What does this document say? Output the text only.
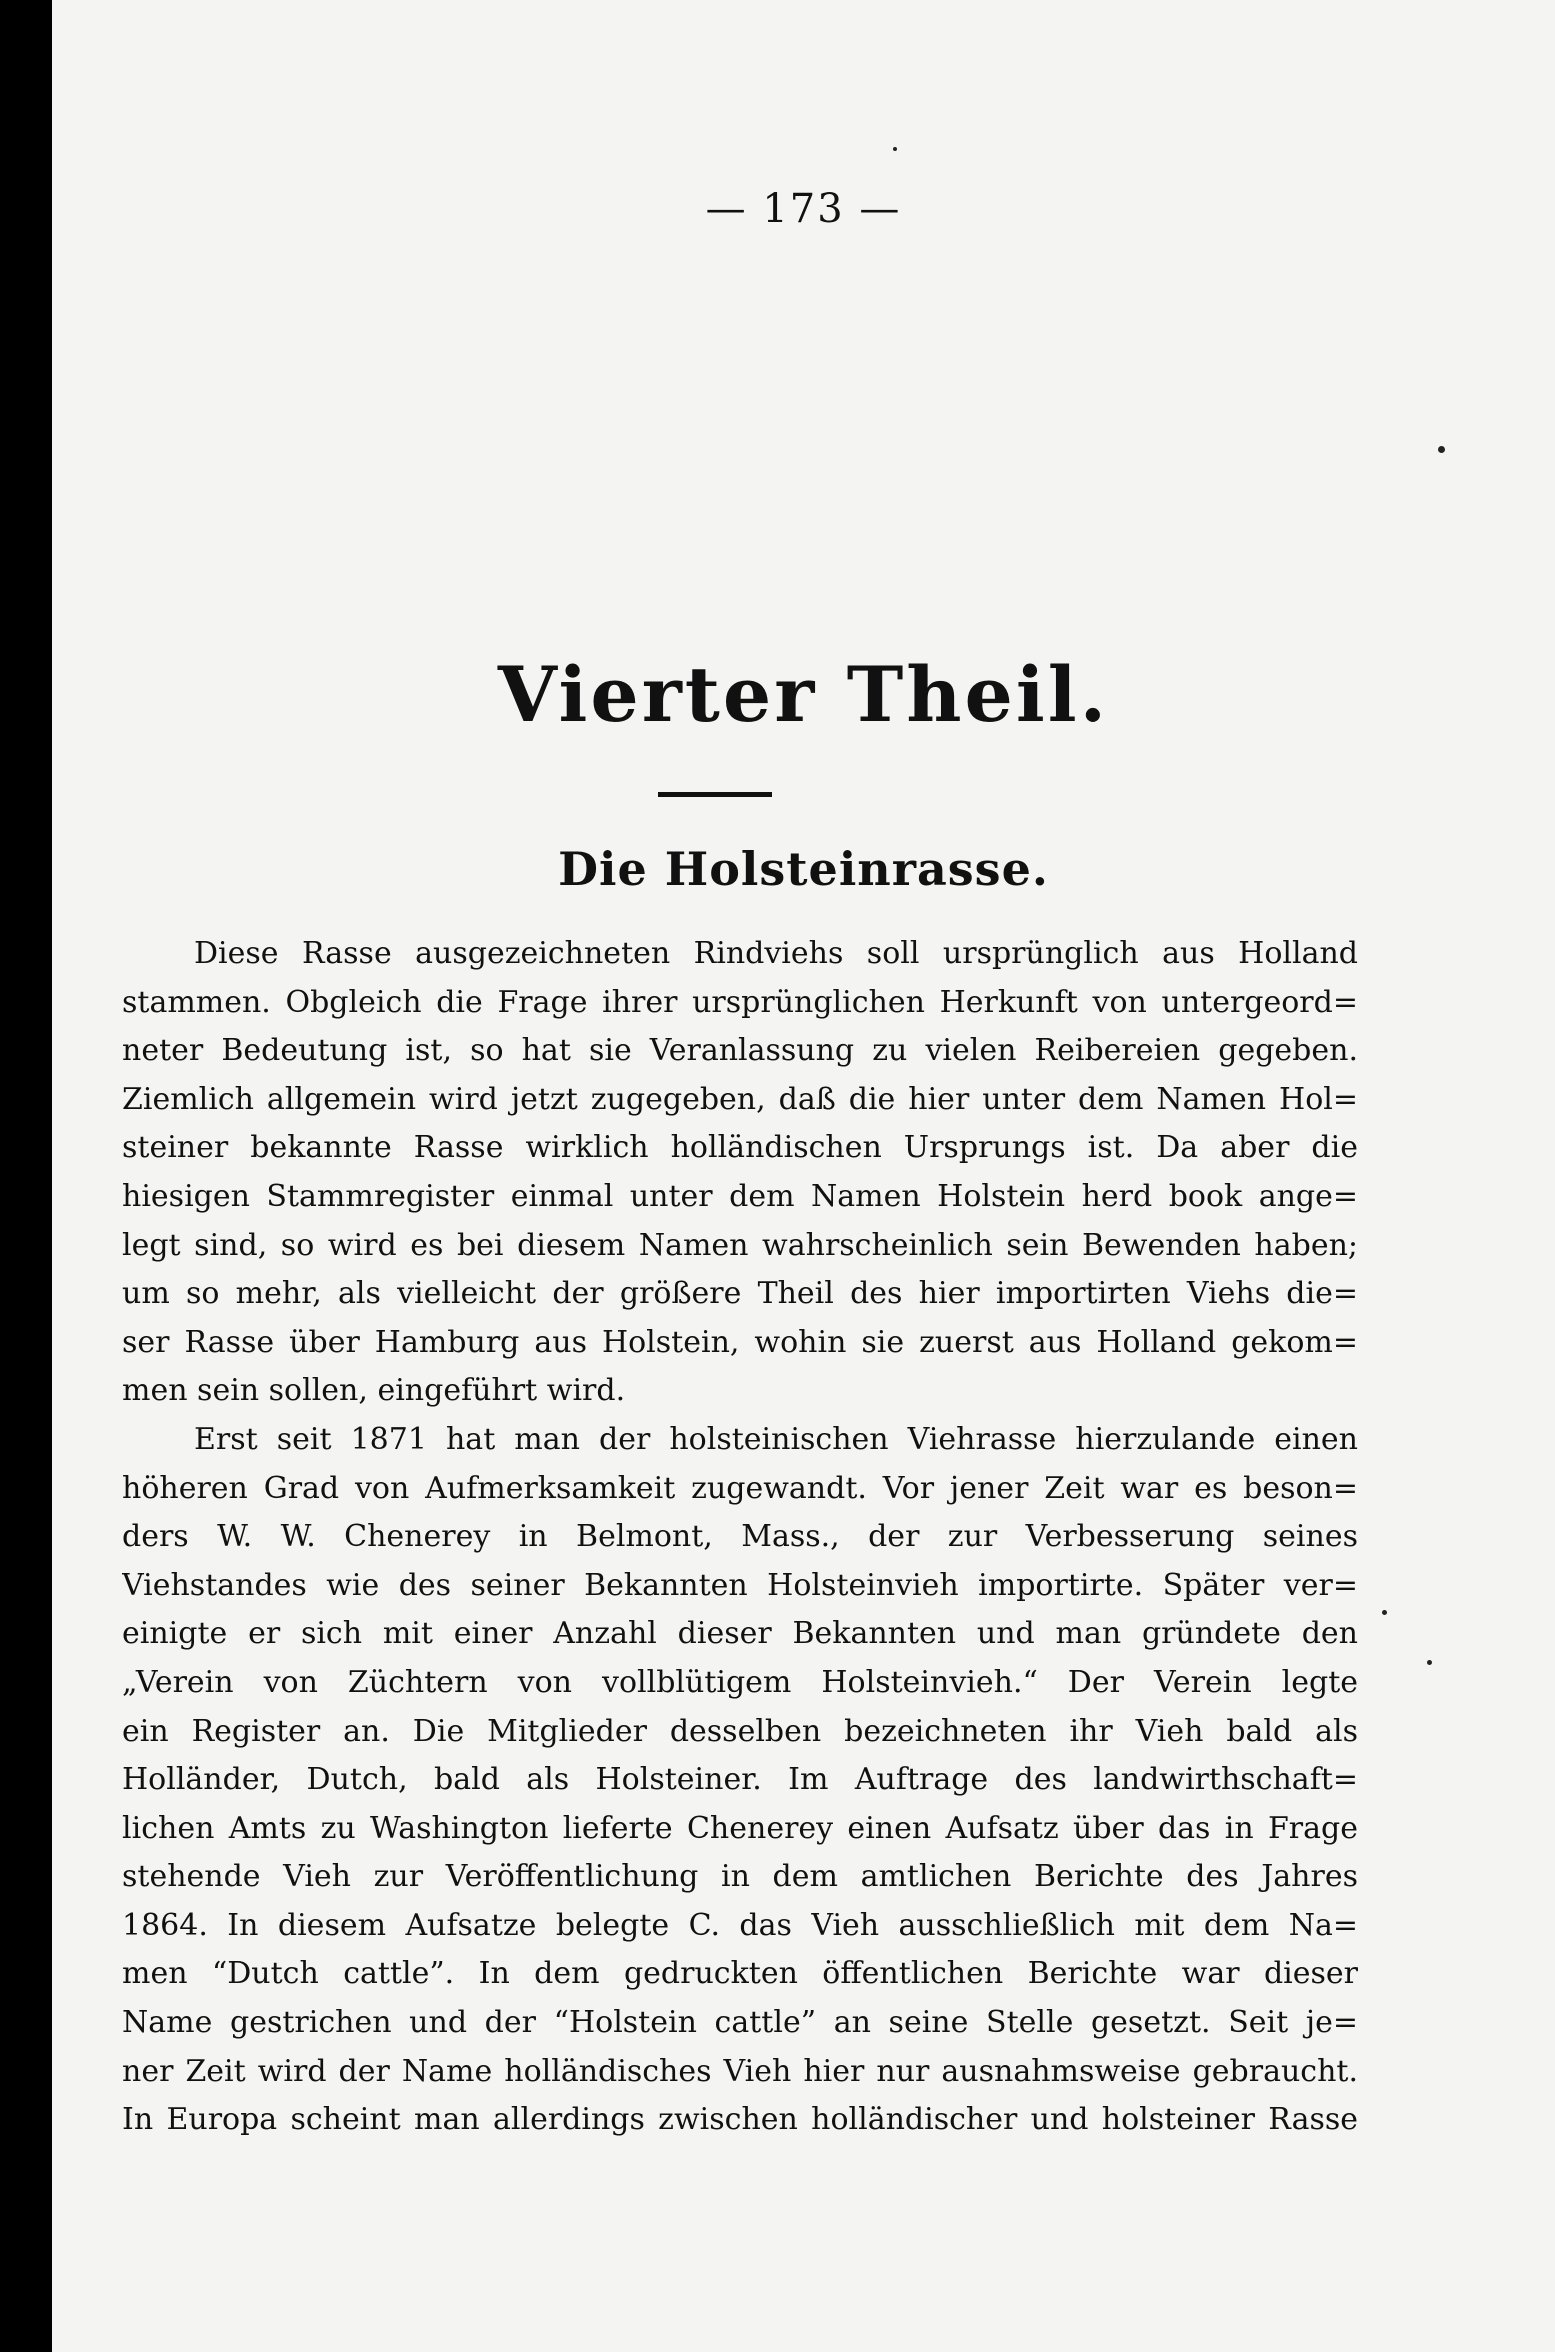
— 173 —
Vierter Theil.
Die Holsteinrasse.
Diese Rasse ausgezeichneten Rindviehs soll ursprünglich aus Holland
stammen. Obgleich die Frage ihrer ursprünglichen Herkunft von untergeord=
neter Bedeutung ist, so hat sie Veranlassung zu vielen Reibereien gegeben.
Ziemlich allgemein wird jetzt zugegeben, daß die hier unter dem Namen Hol=
steiner bekannte Rasse wirklich holländischen Ursprungs ist. Da aber die
hiesigen Stammregister einmal unter dem Namen Holstein herd book ange=
legt sind, so wird es bei diesem Namen wahrscheinlich sein Bewenden haben;
um so mehr, als vielleicht der größere Theil des hier importirten Viehs die=
ser Rasse über Hamburg aus Holstein, wohin sie zuerst aus Holland gekom=
men sein sollen, eingeführt wird.
Erst seit 1871 hat man der holsteinischen Viehrasse hierzulande einen
höheren Grad von Aufmerksamkeit zugewandt. Vor jener Zeit war es beson=
ders W. W. Chenerey in Belmont, Mass., der zur Verbesserung seines
Viehstandes wie des seiner Bekannten Holsteinvieh importirte. Später ver=
einigte er sich mit einer Anzahl dieser Bekannten und man gründete den
„Verein von Züchtern von vollblütigem Holsteinvieh.“ Der Verein legte
ein Register an. Die Mitglieder desselben bezeichneten ihr Vieh bald als
Holländer, Dutch, bald als Holsteiner. Im Auftrage des landwirthschaft=
lichen Amts zu Washington lieferte Chenerey einen Aufsatz über das in Frage
stehende Vieh zur Veröffentlichung in dem amtlichen Berichte des Jahres
1864. In diesem Aufsatze belegte C. das Vieh ausschließlich mit dem Na=
men “Dutch cattle”. In dem gedruckten öffentlichen Berichte war dieser
Name gestrichen und der “Holstein cattle” an seine Stelle gesetzt. Seit je=
ner Zeit wird der Name holländisches Vieh hier nur ausnahmsweise gebraucht.
In Europa scheint man allerdings zwischen holländischer und holsteiner Rasse
